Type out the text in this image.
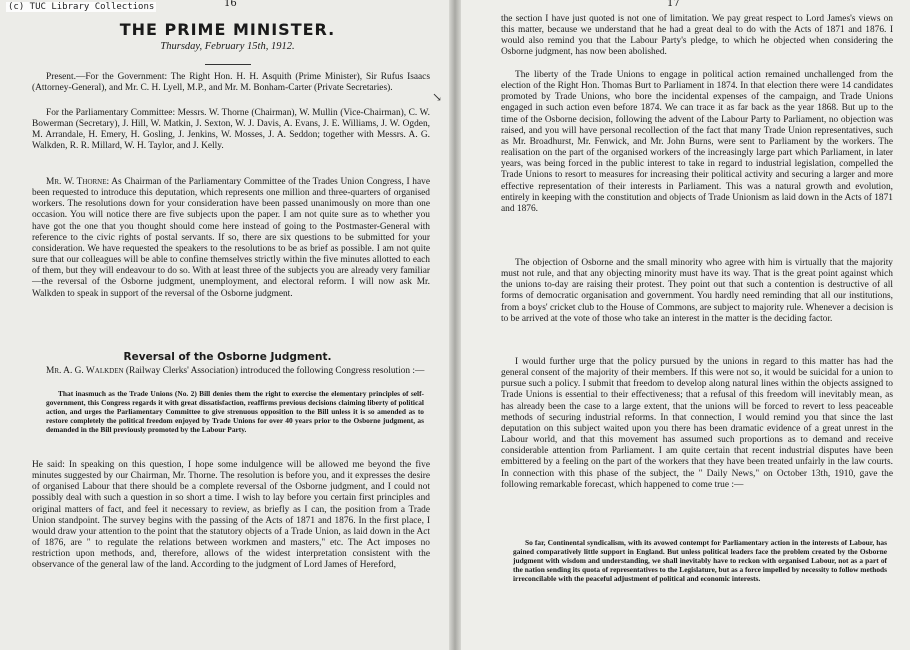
16
THE PRIME MINISTER.
Thursday, February 15th, 1912.

Present.—For the Government: The Right Hon. H. H. Asquith (Prime Minister), Sir Rufus Isaacs (Attorney-General), and Mr. C. H. Lyell, M.P., and Mr. M. Bonham-Carter (Private Secretaries).

For the Parliamentary Committee: Messrs. W. Thorne (Chairman), W. Mullin (Vice-Chairman), C. W. Bowerman (Secretary), J. Hill, W. Matkin, J. Sexton, W. J. Davis, A. Evans, J. E. Williams, J. W. Ogden, M. Arrandale, H. Emery, H. Gosling, J. Jenkins, W. Mosses, J. A. Seddon; together with Messrs. A. G. Walkden, R. R. Millard, W. H. Taylor, and J. Kelly.

Mr. W. Thorne: As Chairman of the Parliamentary Committee of the Trades Union Congress, I have been requested to introduce this deputation, which represents one million and three-quarters of organised workers. The resolutions down for your consideration have been passed unanimously on more than one occasion. You will notice there are five subjects upon the paper. I am not quite sure as to whether you have got the one that you thought should come here instead of going to the Postmaster-General with reference to the civic rights of postal servants. If so, there are six questions to be submitted for your consideration. We have requested the speakers to the resolutions to be as brief as possible. I am not quite sure that our colleagues will be able to confine themselves strictly within the five minutes allotted to each of them, but they will endeavour to do so. With at least three of the subjects you are already very familiar—the reversal of the Osborne judgment, unemployment, and electoral reform. I will now ask Mr. Walkden to speak in support of the reversal of the Osborne judgment.

Reversal of the Osborne Judgment.

Mr. A. G. Walkden (Railway Clerks' Association) introduced the following Congress resolution :—

That inasmuch as the Trade Unions (No. 2) Bill denies them the right to exercise the elementary principles of self-government, this Congress regards it with great dissatisfaction, reaffirms previous decisions claiming liberty of political action, and urges the Parliamentary Committee to give strenuous opposition to the Bill unless it is so amended as to restore completely the political freedom enjoyed by Trade Unions for over 40 years prior to the Osborne judgment, as demanded in the Bill previously promoted by the Labour Party.

He said: In speaking on this question, I hope some indulgence will be allowed me beyond the five minutes suggested by our Chairman, Mr. Thorne. The resolution is before you, and it expresses the desire of organised Labour that there should be a complete reversal of the Osborne judgment, and I could not possibly deal with such a question in so short a time. I wish to lay before you certain first principles and original matters of fact, and feel it necessary to review, as briefly as I can, the position from a Trade Union standpoint. The survey begins with the passing of the Acts of 1871 and 1876. In the first place, I would draw your attention to the point that the statutory objects of a Trade Union, as laid down in the Act of 1876, are " to regulate the relations between workmen and masters," etc. The Act imposes no restriction upon methods, and, therefore, allows of the widest interpretation consistent with the observance of the general law of the land. According to the judgment of Lord James of Hereford,

↘
17

the section I have just quoted is not one of limitation. We pay great respect to Lord James's views on this matter, because we understand that he had a great deal to do with the Acts of 1871 and 1876. I would also remind you that the Labour Party's pledge, to which he objected when considering the Osborne judgment, has now been abolished.

The liberty of the Trade Unions to engage in political action remained unchallenged from the election of the Right Hon. Thomas Burt to Parliament in 1874. In that election there were 14 candidates promoted by Trade Unions, who bore the incidental expenses of the campaign, and Trade Unions engaged in such action even before 1874. We can trace it as far back as the year 1868. But up to the time of the Osborne decision, following the advent of the Labour Party to Parliament, no objection was raised, and you will have personal recollection of the fact that many Trade Union representatives, such as Mr. Broadhurst, Mr. Fenwick, and Mr. John Burns, were sent to Parliament by the workers. The realisation on the part of the organised workers of the increasingly large part which Parliament, in later years, was being forced in the public interest to take in regard to industrial legislation, compelled the Trade Unions to resort to measures for increasing their political activity and securing a larger and more effective representation of their interests in Parliament. This was a natural growth and evolution, entirely in keeping with the constitution and objects of Trade Unionism as laid down in the Acts of 1871 and 1876.

The objection of Osborne and the small minority who agree with him is virtually that the majority must not rule, and that any objecting minority must have its way. That is the great point against which the unions to-day are raising their protest. They point out that such a contention is destructive of all forms of democratic organisation and government. You hardly need reminding that all our institutions, from a boys' cricket club to the House of Commons, are subject to majority rule. Whenever a decision is to be arrived at the vote of those who take an interest in the matter is the deciding factor.

I would further urge that the policy pursued by the unions in regard to this matter has had the general consent of the majority of their members. If this were not so, it would be suicidal for a union to pursue such a policy. I submit that freedom to develop along natural lines within the objects assigned to Trade Unions is essential to their effectiveness; that a refusal of this freedom will inevitably mean, as has already been the case to a large extent, that the unions will be forced to revert to less peaceable methods of securing industrial reforms. In that connection, I would remind you that since the last deputation on this subject waited upon you there has been dramatic evidence of a great unrest in the Labour world, and that this movement has assumed such proportions as to demand and receive considerable attention from Parliament. I am quite certain that recent industrial disputes have been embittered by a feeling on the part of the workers that they have been treated unfairly in the law courts. In connection with this phase of the subject, the " Daily News," on October 13th, 1910, gave the following remarkable forecast, which happened to come true :—

So far, Continental syndicalism, with its avowed contempt for Parliamentary action in the interests of Labour, has gained comparatively little support in England. But unless political leaders face the problem created by the Osborne judgment with wisdom and understanding, we shall inevitably have to reckon with organised Labour, not as a part of the nation sending its quota of representatives to the Legislature, but as a force impelled by necessity to follow methods irreconcilable with the peaceful adjustment of political and economic interests.

(c) TUC Library Collections
